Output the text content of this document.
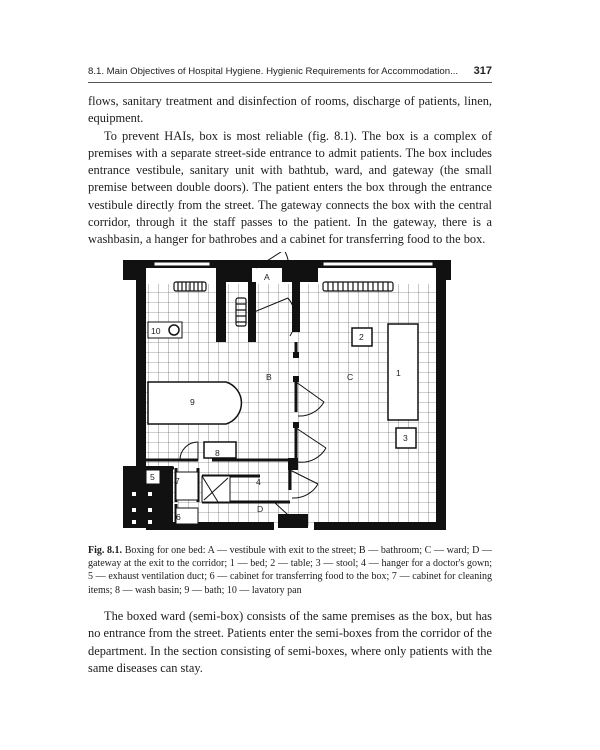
8.1. Main Objectives of Hospital Hygiene. Hygienic Requirements for Accommodation... 317

flows, sanitary treatment and disinfection of rooms, discharge of patients, linen, equipment.

To prevent HAIs, box is most reliable (fig. 8.1). The box is a complex of premises with a separate street-side entrance to admit patients. The box includes entrance vestibule, sanitary unit with bathtub, ward, and gateway (the small premise between double doors). The patient enters the box through the entrance vestibule directly from the street. The gateway connects the box with the central corridor, through it the staff passes to the patient. In the gateway, there is a washbasin, a hanger for bathrobes and a cabinet for transferring food to the box.

A
B	C
D
1
2
3
4
5
6
7
8
9
10
Fig. 8.1. Boxing for one bed: A — vestibule with exit to the street; B — bathroom; C — ward; D — gateway at the exit to the corridor; 1 — bed; 2 — table; 3 — stool; 4 — hanger for a doctor's gown; 5 — exhaust ventilation duct; 6 — cabinet for transferring food to the box; 7 — cabinet for cleaning items; 8 — wash basin; 9 — bath; 10 — lavatory pan

The boxed ward (semi-box) consists of the same premises as the box, but has no entrance from the street. Patients enter the semi-boxes from the corridor of the department. In the section consisting of semi-boxes, where only patients with the same diseases can stay.
